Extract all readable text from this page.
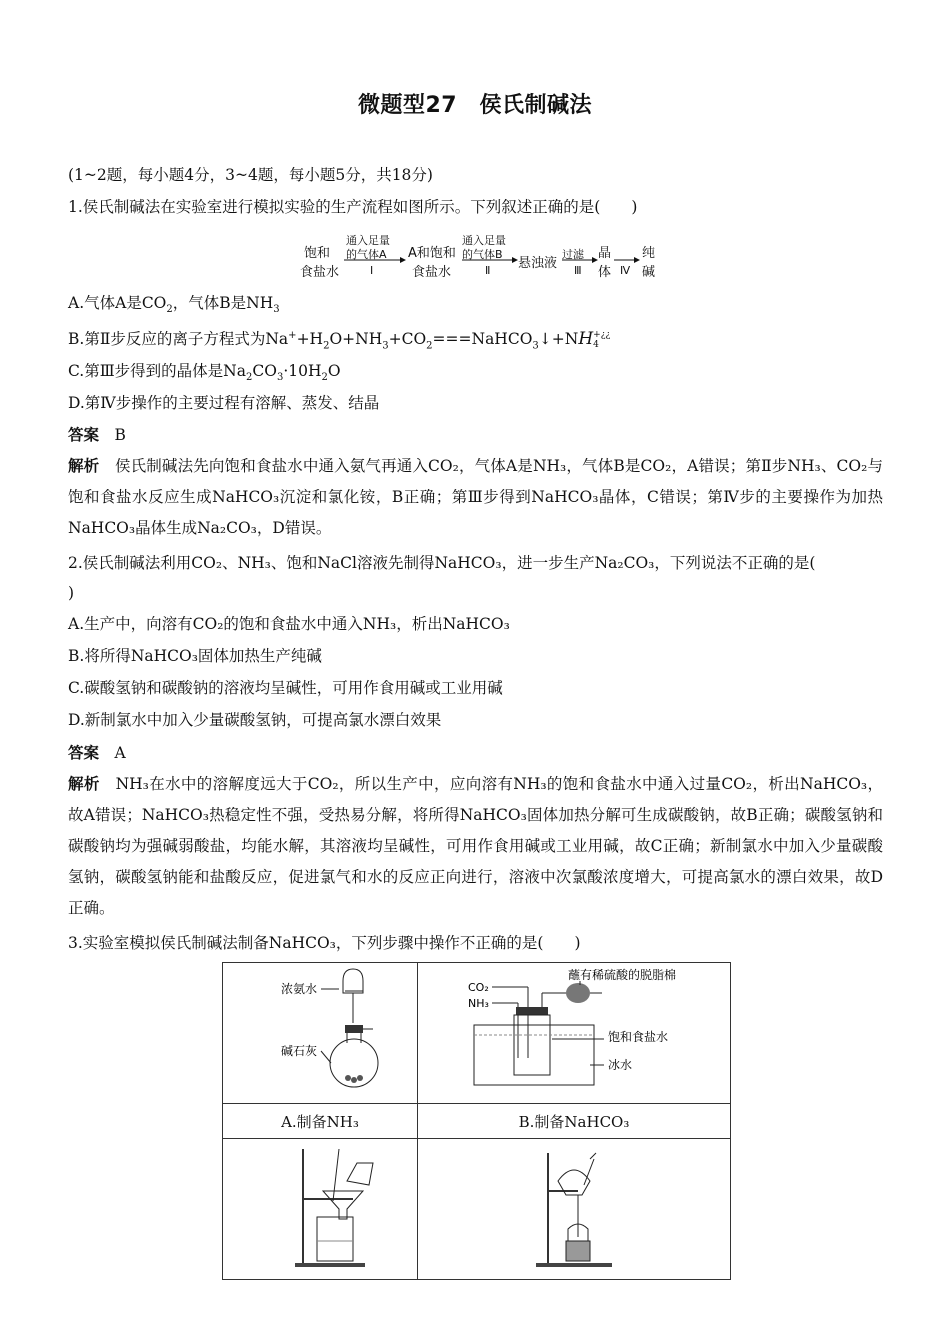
微题型27　侯氏制碱法
(1~2题，每小题4分，3~4题，每小题5分，共18分)
1.侯氏制碱法在实验室进行模拟实验的生产流程如图所示。下列叙述正确的是(　　)
饱和
食盐水
通入足量
的气体A
Ⅰ
A和饱和
食盐水
通入足量
的气体B
Ⅱ 悬浊液
过滤
Ⅲ
晶
体 Ⅳ
纯
碱
A.气体A是$CO_2$，气体B是$NH_3$
B.第Ⅱ步反应的离子方程式为$Na^++H_2O+NH_3+CO_2===NaHCO_3↓+NH$ +¿¿
4
C.第Ⅲ步得到的晶体是$Na_2CO_3\cdot 10H_2O$
D.第Ⅳ步操作的主要过程有溶解、蒸发、结晶
答案　 B
解析　 侯氏制碱法先向饱和食盐水中通入氨气再通入CO₂，气体A是NH₃，气体B是CO₂，A错误；第Ⅱ步NH₃、CO₂与饱和食盐水反应生成NaHCO₃沉淀和氯化铵，B正确；第Ⅲ步得到NaHCO₃晶体，C错误；第Ⅳ步的主要操作为加热NaHCO₃晶体生成Na₂CO₃，D错误。
2.侯氏制碱法利用CO₂、NH₃、饱和NaCl溶液先制得NaHCO₃，进一步生产Na₂CO₃，下列说法不正确的是(
)
A.生产中，向溶有CO₂的饱和食盐水中通入NH₃，析出NaHCO₃
B.将所得NaHCO₃固体加热生产纯碱
C.碳酸氢钠和碳酸钠的溶液均呈碱性，可用作食用碱或工业用碱
D.新制氯水中加入少量碳酸氢钠，可提高氯水漂白效果
答案　 A
解析　 NH₃在水中的溶解度远大于CO₂，所以生产中，应向溶有NH₃的饱和食盐水中通入过量CO₂，析出NaHCO₃，故A错误；NaHCO₃热稳定性不强，受热易分解，将所得NaHCO₃固体加热分解可生成碳酸钠，故B正确；碳酸氢钠和碳酸钠均为强碱弱酸盐，均能水解，其溶液均呈碱性，可用作食用碱或工业用碱，故C正确；新制氯水中加入少量碳酸氢钠，碳酸氢钠能和盐酸反应，促进氯气和水的反应正向进行，溶液中次氯酸浓度增大，可提高氯水的漂白效果，故D正确。
3.实验室模拟侯氏制碱法制备NaHCO₃，下列步骤中操作不正确的是(　　)
浓氨水
碱石灰	蘸有稀硫酸的脱脂棉
CO₂
NH₃
饱和食盐水
冰水

A.制备NH₃	B.制备NaHCO₃
